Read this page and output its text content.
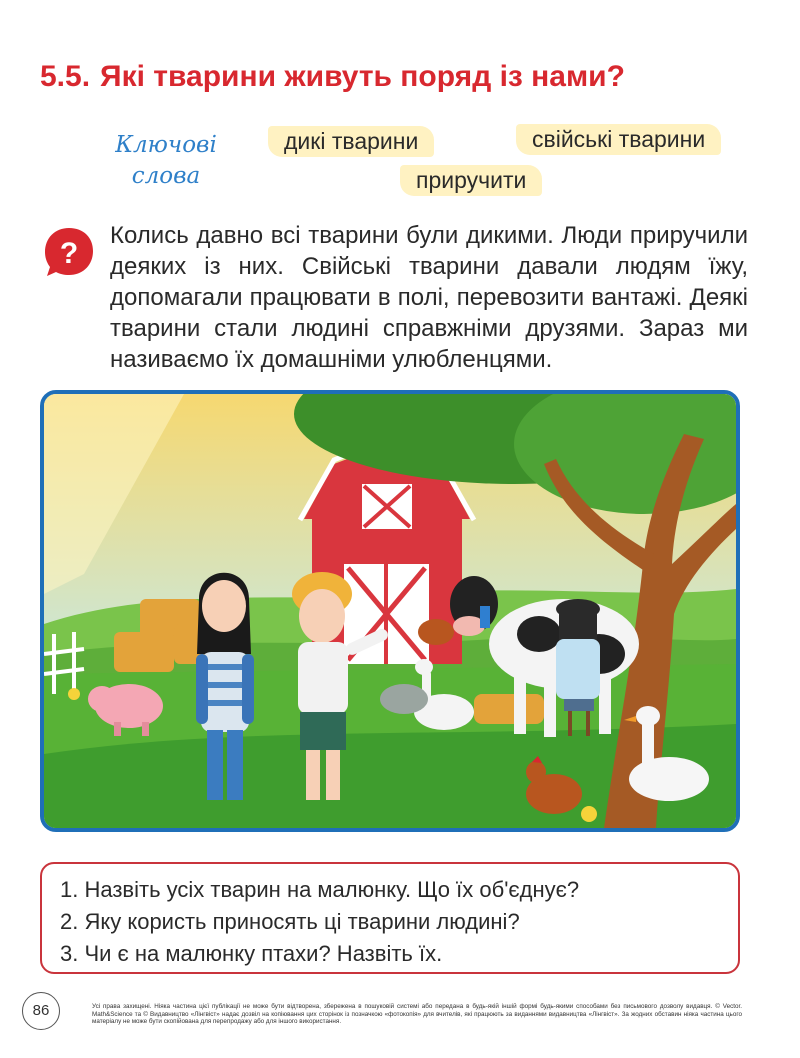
5.5. Які тварини живуть поряд із нами?
Ключові
слова
дикі тварини	свійські тварини
приручити
?
Колись давно всі тварини були дикими. Люди приручили деяких із них. Свійські тварини давали людям їжу, допомагали працювати в полі, перевозити вантажі. Деякі тварини стали людині справжніми друзями. Зараз ми називаємо їх домашніми улюбленцями.
1. Назвіть усіх тварин на малюнку. Що їх об'єднує?
2. Яку користь приносять ці тварини людині?
3. Чи є на малюнку птахи? Назвіть їх.
86	Усі права захищені. Ніяка частина цієї публікації не може бути відтворена, збережена в пошуковій системі або передана в будь-якій іншій формі будь-якими способами без письмового дозволу видавця. © Vector. Math&Science та © Видавництво «Лінгвіст» надає дозвіл на копіювання цих сторінок із позначкою «фотокопія» для вчителів, які працюють за виданнями видавництва «Лінгвіст». За жодних обставин ніяка частина цього матеріалу не може бути скопійована для перепродажу або для іншого використання.
